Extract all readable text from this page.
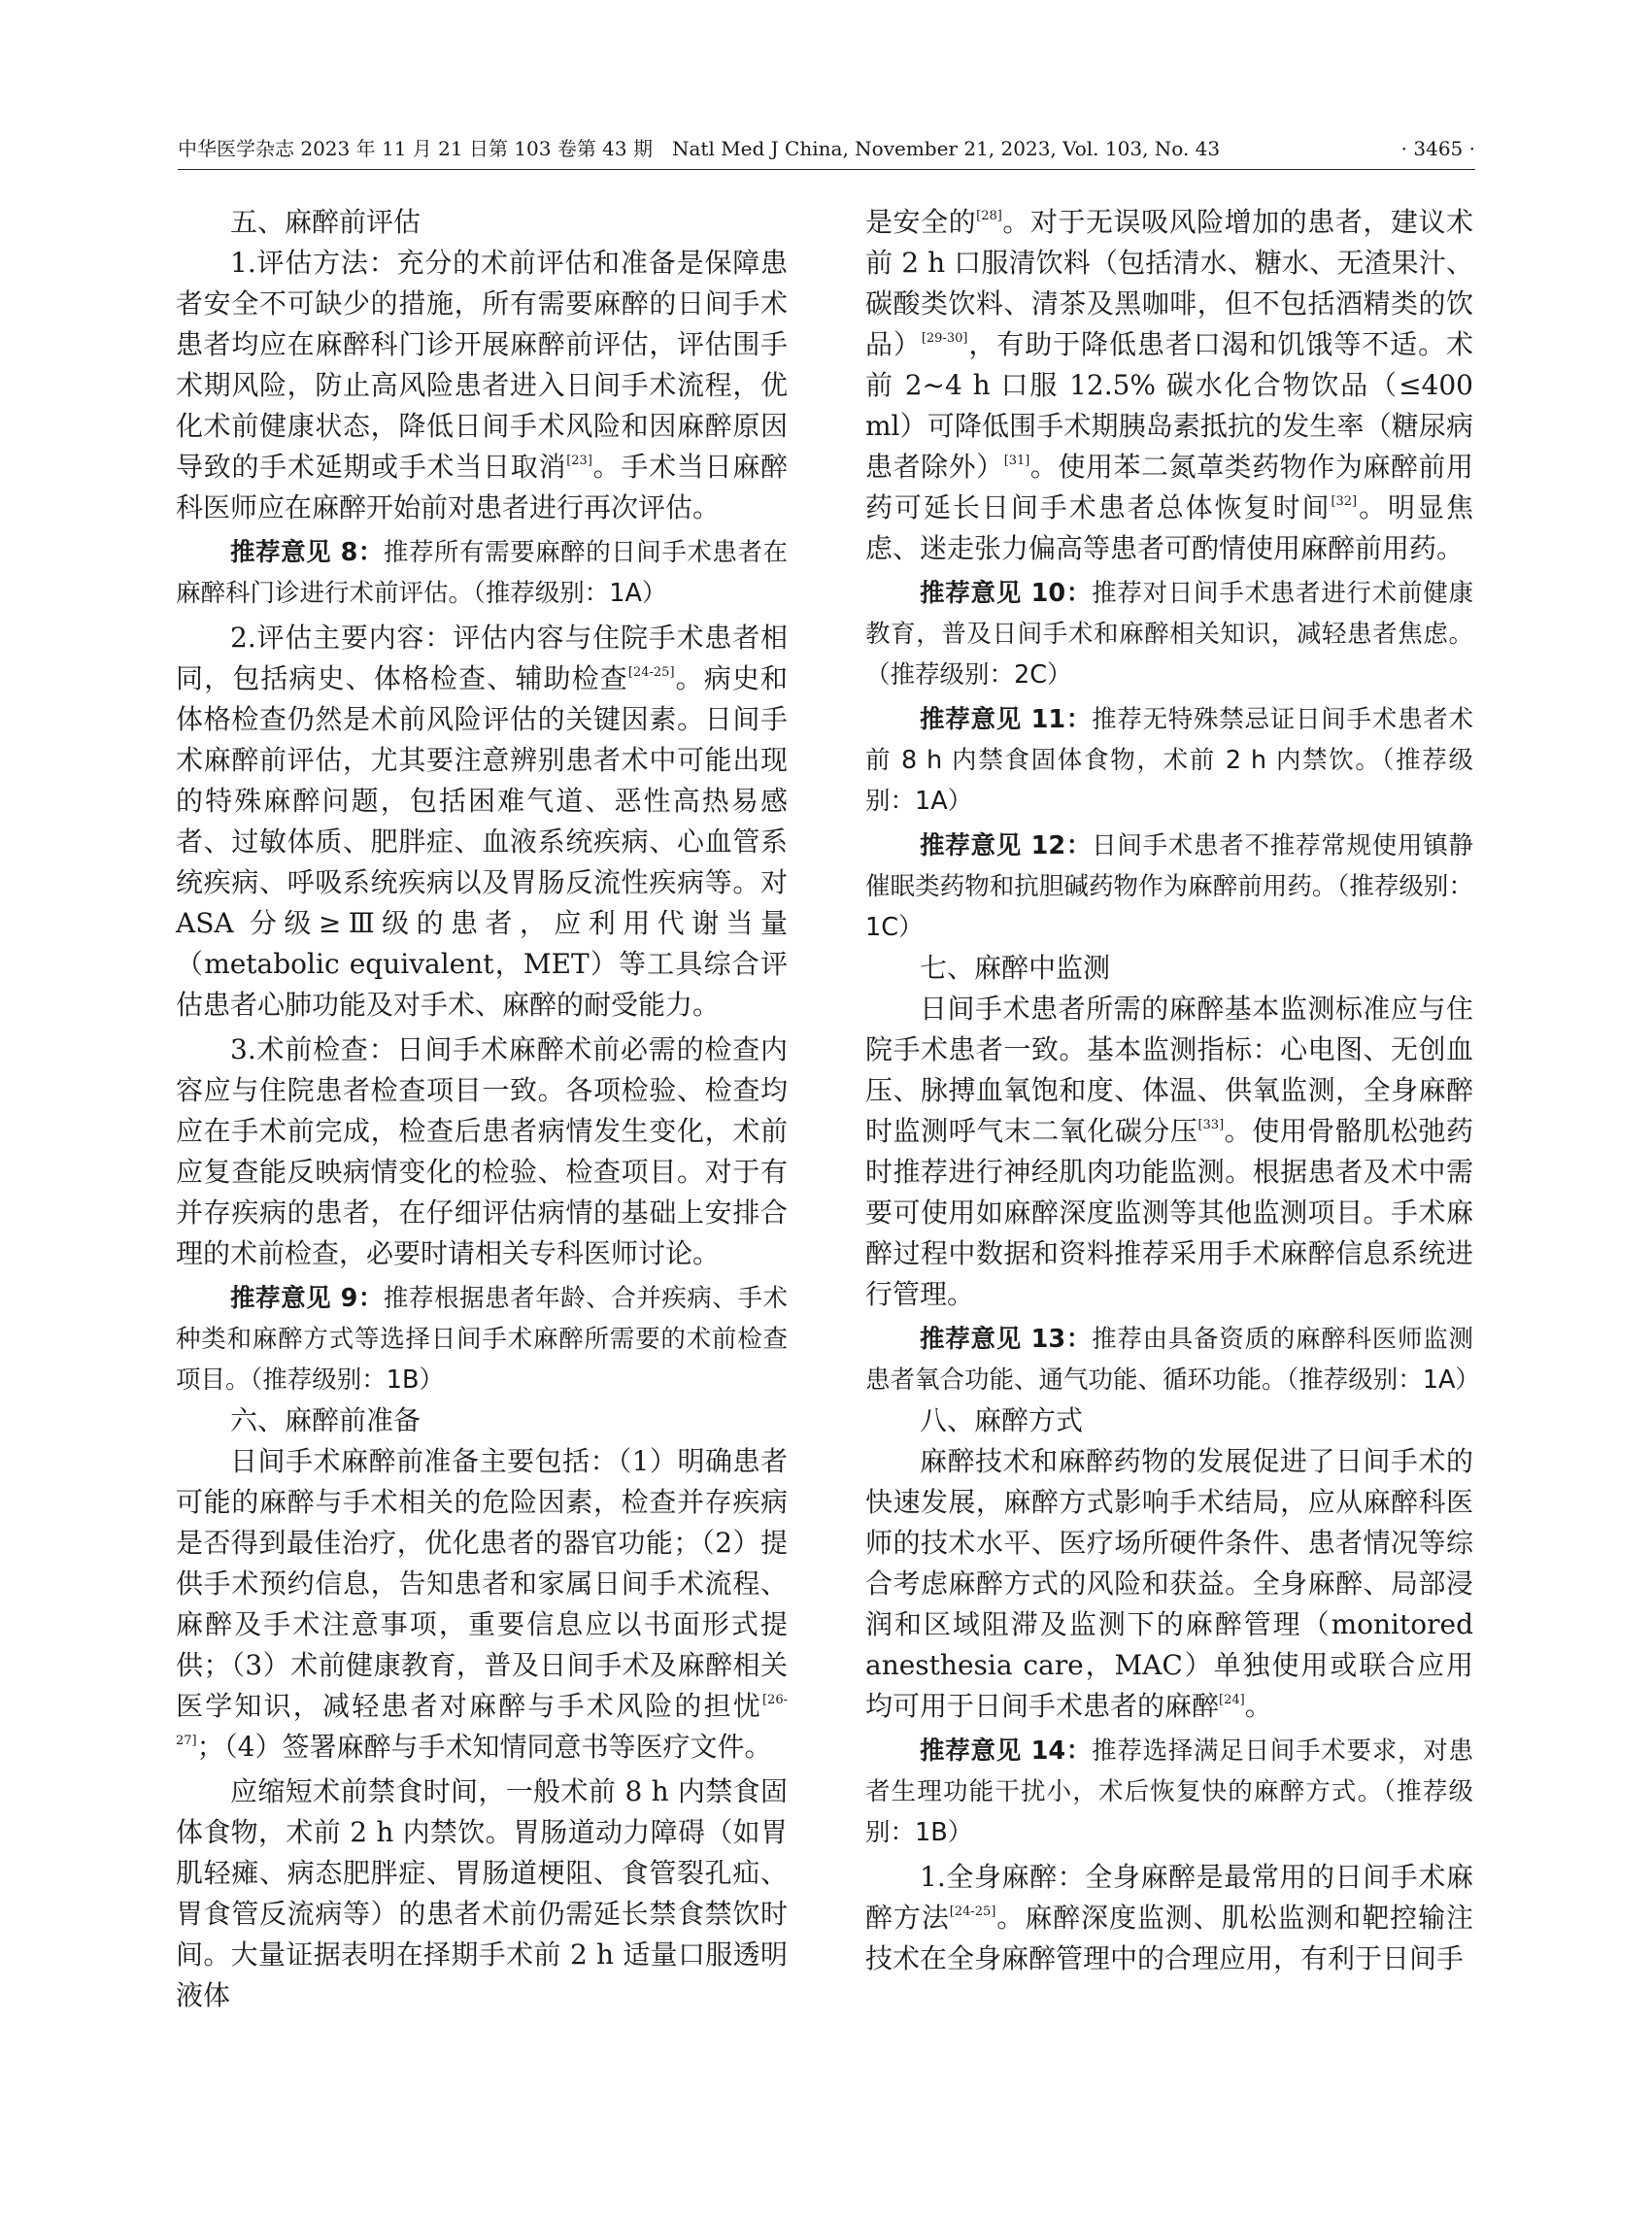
中华医学杂志 2023 年 11 月 21 日第 103 卷第 43 期　Natl Med J China, November 21, 2023, Vol. 103, No. 43	· 3465 ·

五、麻醉前评估

1.评估方法：充分的术前评估和准备是保障患者安全不可缺少的措施，所有需要麻醉的日间手术患者均应在麻醉科门诊开展麻醉前评估，评估围手术期风险，防止高风险患者进入日间手术流程，优化术前健康状态，降低日间手术风险和因麻醉原因导致的手术延期或手术当日取消[23]。手术当日麻醉科医师应在麻醉开始前对患者进行再次评估。

推荐意见 8：推荐所有需要麻醉的日间手术患者在麻醉科门诊进行术前评估。（推荐级别：1A）

2.评估主要内容：评估内容与住院手术患者相同，包括病史、体格检查、辅助检查[24-25]。病史和体格检查仍然是术前风险评估的关键因素。日间手术麻醉前评估，尤其要注意辨别患者术中可能出现的特殊麻醉问题，包括困难气道、恶性高热易感者、过敏体质、肥胖症、血液系统疾病、心血管系统疾病、呼吸系统疾病以及胃肠反流性疾病等。对 ASA 分级≥Ⅲ级的患者，应利用代谢当量（metabolic equivalent，MET）等工具综合评估患者心肺功能及对手术、麻醉的耐受能力。

3.术前检查：日间手术麻醉术前必需的检查内容应与住院患者检查项目一致。各项检验、检查均应在手术前完成，检查后患者病情发生变化，术前应复查能反映病情变化的检验、检查项目。对于有并存疾病的患者，在仔细评估病情的基础上安排合理的术前检查，必要时请相关专科医师讨论。

推荐意见 9：推荐根据患者年龄、合并疾病、手术种类和麻醉方式等选择日间手术麻醉所需要的术前检查项目。（推荐级别：1B）

六、麻醉前准备

日间手术麻醉前准备主要包括：（1）明确患者可能的麻醉与手术相关的危险因素，检查并存疾病是否得到最佳治疗，优化患者的器官功能；（2）提供手术预约信息，告知患者和家属日间手术流程、麻醉及手术注意事项，重要信息应以书面形式提供；（3）术前健康教育，普及日间手术及麻醉相关医学知识，减轻患者对麻醉与手术风险的担忧[26-27]；（4）签署麻醉与手术知情同意书等医疗文件。

应缩短术前禁食时间，一般术前 8 h 内禁食固体食物，术前 2 h 内禁饮。胃肠道动力障碍（如胃肌轻瘫、病态肥胖症、胃肠道梗阻、食管裂孔疝、胃食管反流病等）的患者术前仍需延长禁食禁饮时间。大量证据表明在择期手术前 2 h 适量口服透明液体

是安全的[28]。对于无误吸风险增加的患者，建议术前 2 h 口服清饮料（包括清水、糖水、无渣果汁、碳酸类饮料、清茶及黑咖啡，但不包括酒精类的饮品）[29-30]，有助于降低患者口渴和饥饿等不适。术前 2~4 h 口服 12.5% 碳水化合物饮品（≤400 ml）可降低围手术期胰岛素抵抗的发生率（糖尿病患者除外）[31]。使用苯二氮䓬类药物作为麻醉前用药可延长日间手术患者总体恢复时间[32]。明显焦虑、迷走张力偏高等患者可酌情使用麻醉前用药。

推荐意见 10：推荐对日间手术患者进行术前健康教育，普及日间手术和麻醉相关知识，减轻患者焦虑。（推荐级别：2C）

推荐意见 11：推荐无特殊禁忌证日间手术患者术前 8 h 内禁食固体食物，术前 2 h 内禁饮。（推荐级别：1A）

推荐意见 12：日间手术患者不推荐常规使用镇静催眠类药物和抗胆碱药物作为麻醉前用药。（推荐级别：1C）

七、麻醉中监测

日间手术患者所需的麻醉基本监测标准应与住院手术患者一致。基本监测指标：心电图、无创血压、脉搏血氧饱和度、体温、供氧监测，全身麻醉时监测呼气末二氧化碳分压[33]。使用骨骼肌松弛药时推荐进行神经肌肉功能监测。根据患者及术中需要可使用如麻醉深度监测等其他监测项目。手术麻醉过程中数据和资料推荐采用手术麻醉信息系统进行管理。

推荐意见 13：推荐由具备资质的麻醉科医师监测患者氧合功能、通气功能、循环功能。（推荐级别：1A）

八、麻醉方式

麻醉技术和麻醉药物的发展促进了日间手术的快速发展，麻醉方式影响手术结局，应从麻醉科医师的技术水平、医疗场所硬件条件、患者情况等综合考虑麻醉方式的风险和获益。全身麻醉、局部浸润和区域阻滞及监测下的麻醉管理（monitored anesthesia care，MAC）单独使用或联合应用均可用于日间手术患者的麻醉[24]。

推荐意见 14：推荐选择满足日间手术要求，对患者生理功能干扰小，术后恢复快的麻醉方式。（推荐级别：1B）

1.全身麻醉：全身麻醉是最常用的日间手术麻醉方法[24-25]。麻醉深度监测、肌松监测和靶控输注技术在全身麻醉管理中的合理应用，有利于日间手
